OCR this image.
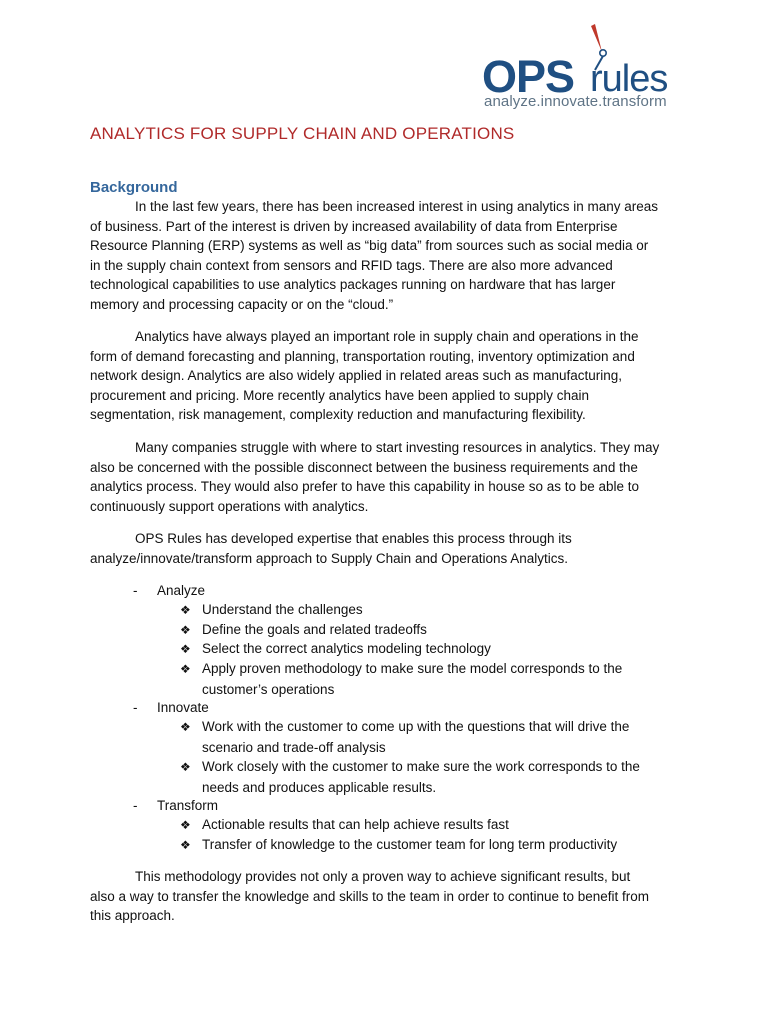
OPS rules
analyze.innovate.transform
ANALYTICS FOR SUPPLY CHAIN AND OPERATIONS
Background
In the last few years, there has been increased interest in using analytics in many areas
of business. Part of the interest is driven by increased availability of data from Enterprise
Resource Planning (ERP) systems as well as “big data” from sources such as social media or
in the supply chain context from sensors and RFID tags. There are also more advanced
technological capabilities to use analytics packages running on hardware that has larger
memory and processing capacity or on the “cloud.”
Analytics have always played an important role in supply chain and operations in the
form of demand forecasting and planning, transportation routing, inventory optimization and
network design. Analytics are also widely applied in related areas such as manufacturing,
procurement and pricing. More recently analytics have been applied to supply chain
segmentation, risk management, complexity reduction and manufacturing flexibility.
Many companies struggle with where to start investing resources in analytics. They may
also be concerned with the possible disconnect between the business requirements and the
analytics process. They would also prefer to have this capability in house so as to be able to
continuously support operations with analytics.
OPS Rules has developed expertise that enables this process through its
analyze/innovate/transform approach to Supply Chain and Operations Analytics.
- Analyze
❖ Understand the challenges
❖ Define the goals and related tradeoffs
❖ Select the correct analytics modeling technology
❖ Apply proven methodology to make sure the model corresponds to the
customer’s operations
- Innovate
❖ Work with the customer to come up with the questions that will drive the
scenario and trade-off analysis
❖ Work closely with the customer to make sure the work corresponds to the
needs and produces applicable results.
- Transform
❖ Actionable results that can help achieve results fast
❖ Transfer of knowledge to the customer team for long term productivity
This methodology provides not only a proven way to achieve significant results, but
also a way to transfer the knowledge and skills to the team in order to continue to benefit from
this approach.
